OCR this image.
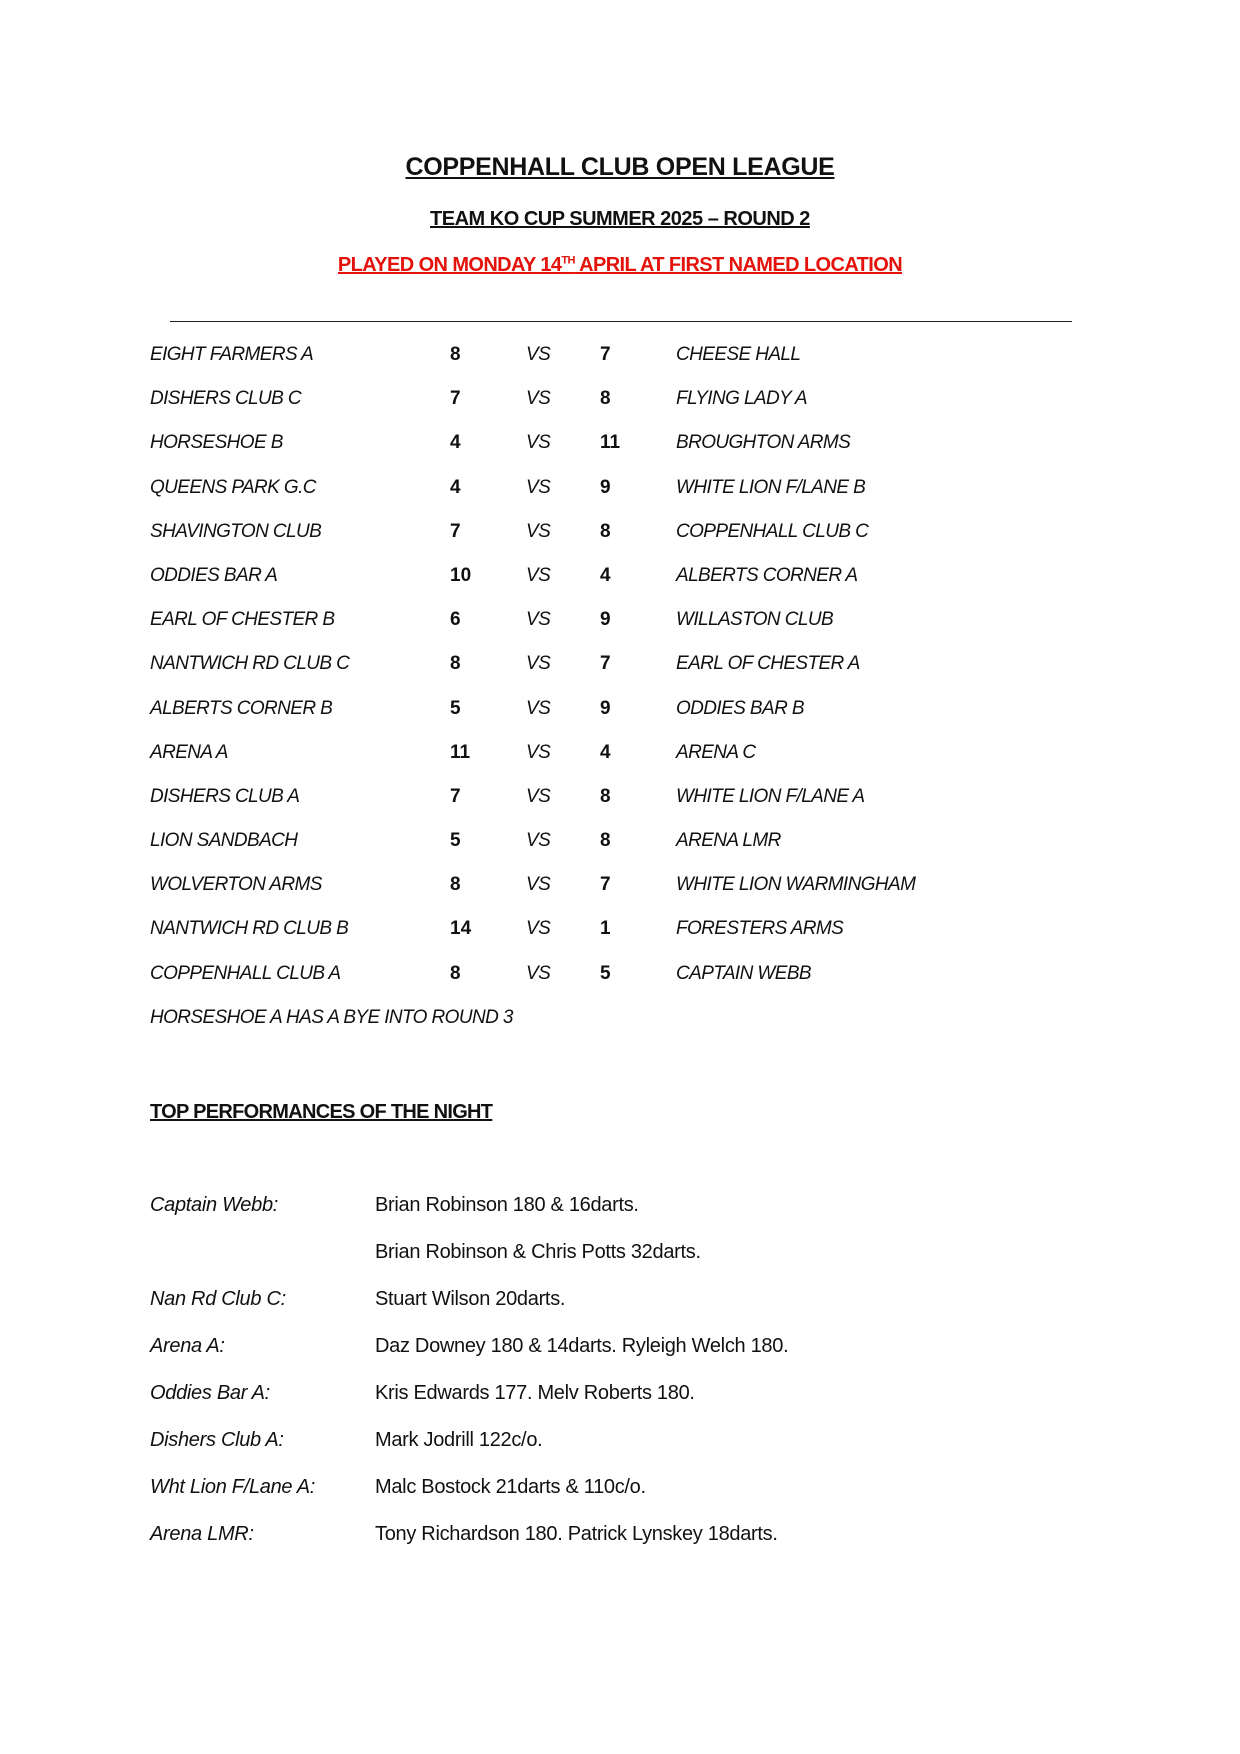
COPPENHALL CLUB OPEN LEAGUE
TEAM KO CUP SUMMER 2025 – ROUND 2
PLAYED ON MONDAY 14TH APRIL AT FIRST NAMED LOCATION
EIGHT FARMERS A	8	VS	7	CHEESE HALL
DISHERS CLUB C	7	VS	8	FLYING LADY A
HORSESHOE B	4	VS	11	BROUGHTON ARMS
QUEENS PARK G.C	4	VS	9	WHITE LION F/LANE B
SHAVINGTON CLUB	7	VS	8	COPPENHALL CLUB C
ODDIES BAR A	10	VS	4	ALBERTS CORNER A
EARL OF CHESTER B	6	VS	9	WILLASTON CLUB
NANTWICH RD CLUB C	8	VS	7	EARL OF CHESTER A
ALBERTS CORNER B	5	VS	9	ODDIES BAR B
ARENA A	11	VS	4	ARENA C
DISHERS CLUB A	7	VS	8	WHITE LION F/LANE A
LION SANDBACH	5	VS	8	ARENA LMR
WOLVERTON ARMS	8	VS	7	WHITE LION WARMINGHAM
NANTWICH RD CLUB B	14	VS	1	FORESTERS ARMS
COPPENHALL CLUB A	8	VS	5	CAPTAIN WEBB
HORSESHOE A HAS A BYE INTO ROUND 3
TOP PERFORMANCES OF THE NIGHT
Captain Webb:	Brian Robinson 180 & 16darts.
Brian Robinson & Chris Potts 32darts.
Nan Rd Club C:	Stuart Wilson 20darts.
Arena A:	Daz Downey 180 & 14darts. Ryleigh Welch 180.
Oddies Bar A:	Kris Edwards 177. Melv Roberts 180.
Dishers Club A:	Mark Jodrill 122c/o.
Wht Lion F/Lane A:	Malc Bostock 21darts & 110c/o.
Arena LMR:	Tony Richardson 180. Patrick Lynskey 18darts.
